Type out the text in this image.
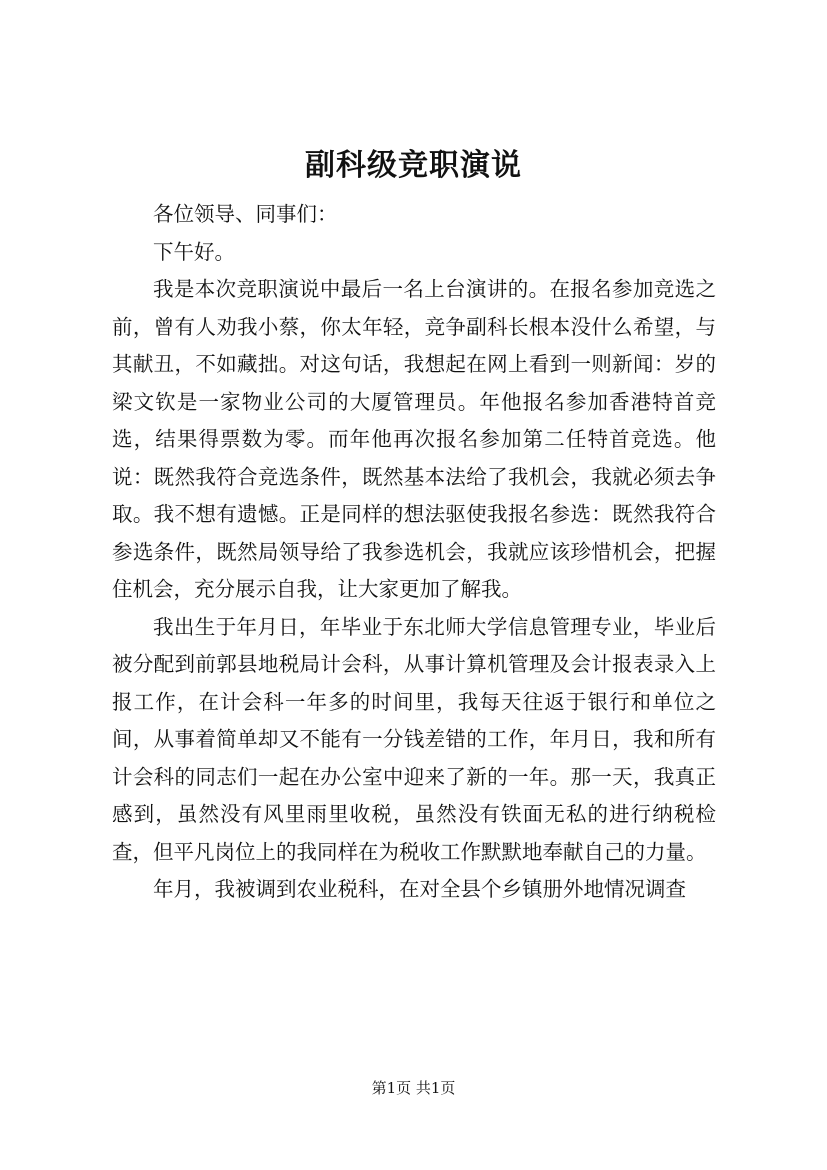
副科级竞职演说

各位领导、同事们：

下午好。

我是本次竞职演说中最后一名上台演讲的。在报名参加竞选之前，曾有人劝我小蔡，你太年轻，竞争副科长根本没什么希望，与其献丑，不如藏拙。对这句话，我想起在网上看到一则新闻：岁的梁文钦是一家物业公司的大厦管理员。年他报名参加香港特首竞选，结果得票数为零。而年他再次报名参加第二任特首竞选。他说：既然我符合竞选条件，既然基本法给了我机会，我就必须去争取。我不想有遗憾。正是同样的想法驱使我报名参选：既然我符合参选条件，既然局领导给了我参选机会，我就应该珍惜机会，把握住机会，充分展示自我，让大家更加了解我。

我出生于年月日，年毕业于东北师大学信息管理专业，毕业后被分配到前郭县地税局计会科，从事计算机管理及会计报表录入上报工作，在计会科一年多的时间里，我每天往返于银行和单位之间，从事着简单却又不能有一分钱差错的工作，年月日，我和所有计会科的同志们一起在办公室中迎来了新的一年。那一天，我真正感到，虽然没有风里雨里收税，虽然没有铁面无私的进行纳税检查，但平凡岗位上的我同样在为税收工作默默地奉献自己的力量。

年月，我被调到农业税科，在对全县个乡镇册外地情况调查

第1页 共1页
